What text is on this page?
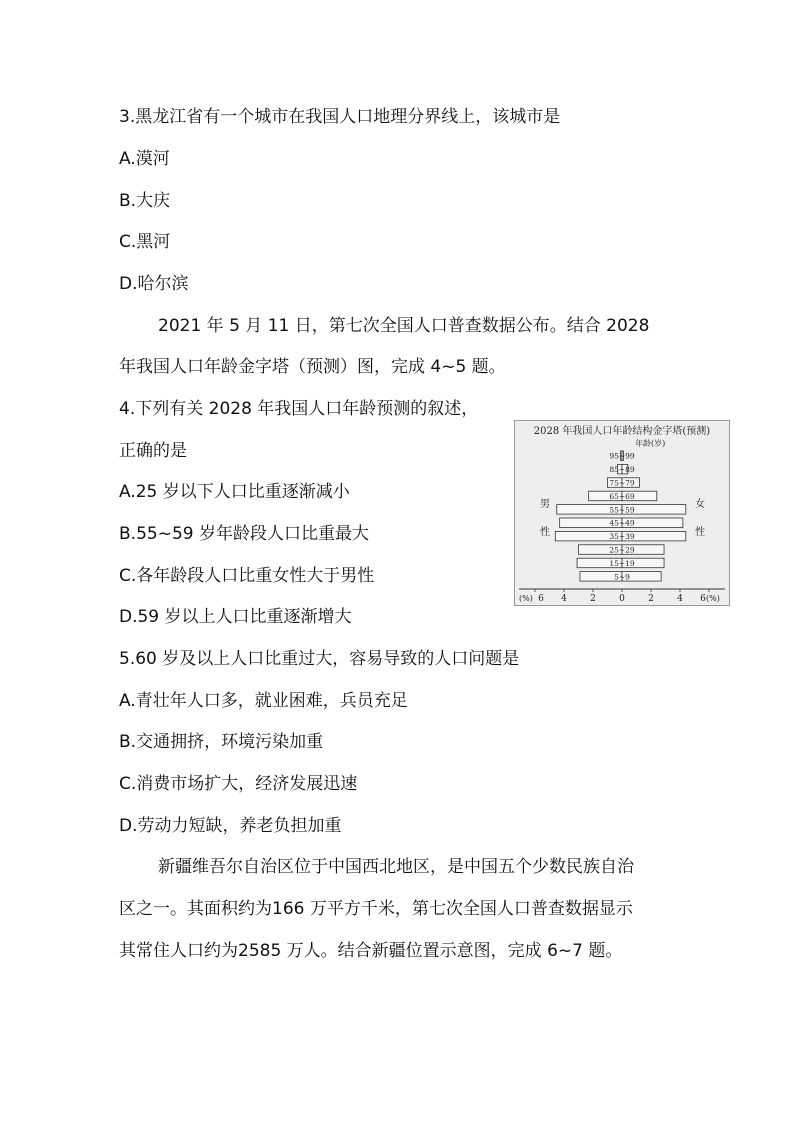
3.黑龙江省有一个城市在我国人口地理分界线上，该城市是
A.漠河
B.大庆
C.黑河
D.哈尔滨
2021 年 5 月 11 日，第七次全国人口普查数据公布。结合 2028
年我国人口年龄金字塔（预测）图，完成 4~5 题。
4.下列有关 2028 年我国人口年龄预测的叙述，
正确的是
A.25 岁以下人口比重逐渐减小
B.55~59 岁年龄段人口比重最大
C.各年龄段人口比重女性大于男性
D.59 岁以上人口比重逐渐增大
5.60 岁及以上人口比重过大，容易导致的人口问题是
A.青壮年人口多，就业困难，兵员充足
B.交通拥挤，环境污染加重
C.消费市场扩大，经济发展迅速
D.劳动力短缺，养老负担加重
新疆维吾尔自治区位于中国西北地区，是中国五个少数民族自治
区之一。其面积约为166 万平方千米，第七次全国人口普查数据显示
其常住人口约为2585 万人。结合新疆位置示意图，完成 6~7 题。
2028 年我国人口年龄结构金字塔(预测)
年龄(岁)
男
性
女
性
5~9
15~19
25~29
35~39
45~49
55~59
65~69
75~79
85~89
95~99
6 4	2	0	2	4 6
(%)	(%)
